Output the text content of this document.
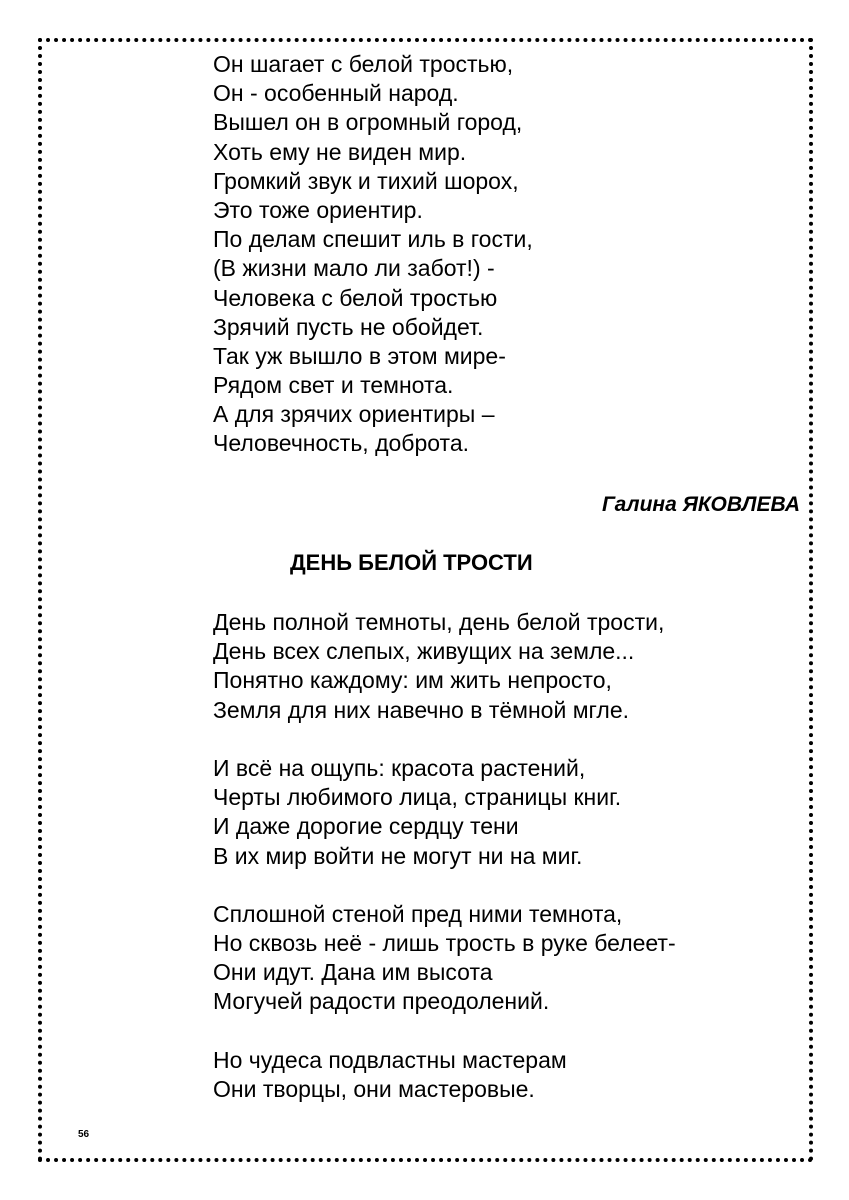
Он шагает с белой тростью,
Он - особенный народ.
Вышел он в огромный город,
Хоть ему не виден мир.
Громкий звук и тихий шорох,
Это тоже ориентир.
По делам спешит иль в гости,
(В жизни мало ли забот!) -
Человека с белой тростью
Зрячий пусть не обойдет.
Так уж вышло в этом мире-
Рядом свет и темнота.
А для зрячих ориентиры –
Человечность, доброта.
Галина ЯКОВЛЕВА
ДЕНЬ БЕЛОЙ ТРОСТИ
День полной темноты, день белой трости,
День всех слепых, живущих на земле...
Понятно каждому: им жить непросто,
Земля для них навечно в тёмной мгле.
И всё на ощупь: красота растений,
Черты любимого лица, страницы книг.
И даже дорогие сердцу тени
В их мир войти не могут ни на миг.
Сплошной стеной пред ними темнота,
Но сквозь неё - лишь трость в руке белеет-
Они идут. Дана им высота
Могучей радости преодолений.
Но чудеса подвластны мастерам
Они творцы, они мастеровые.
56
